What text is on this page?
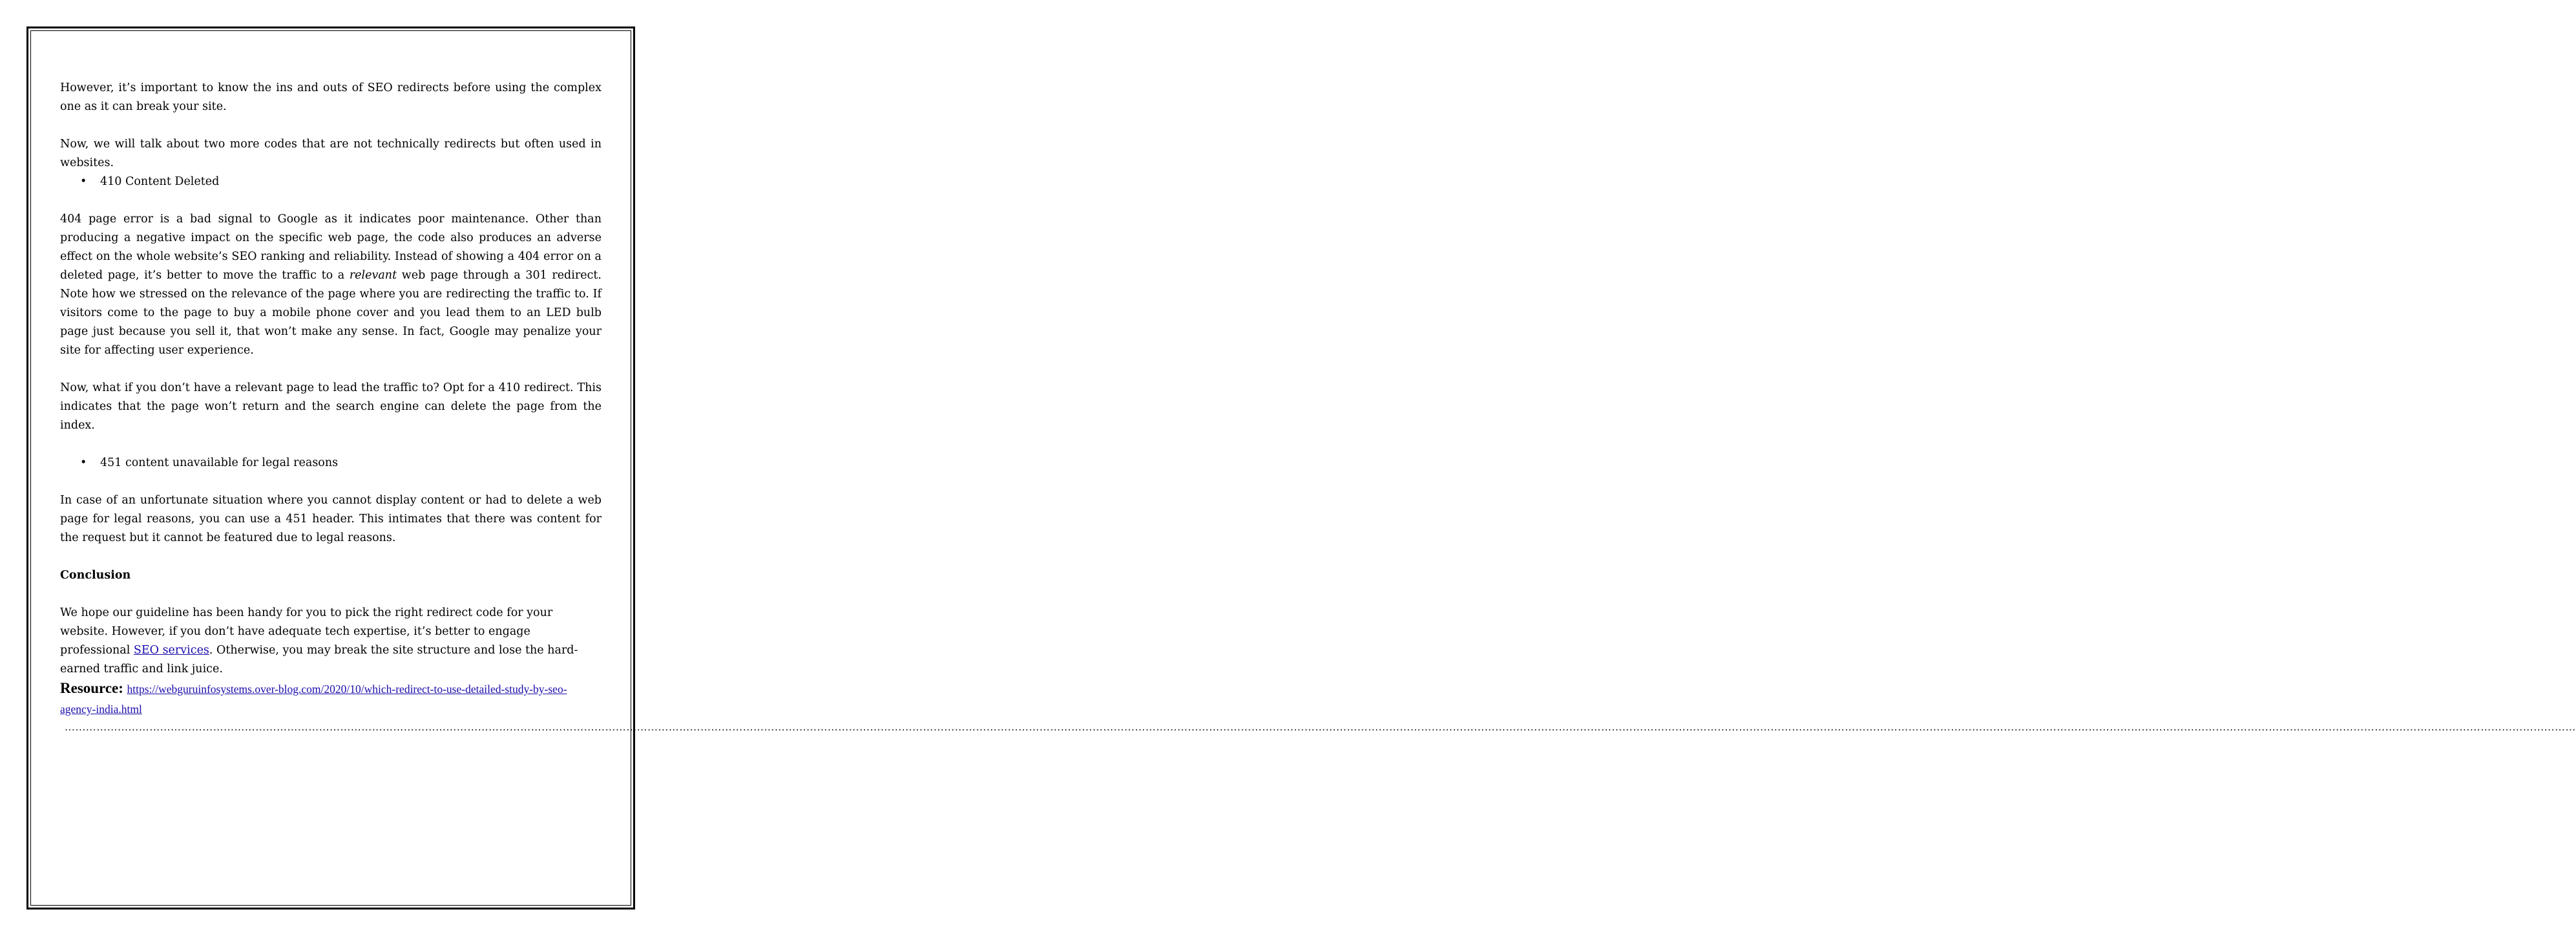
However, it’s important to know the ins and outs of SEO redirects before using the complex one as it can break your site.

Now, we will talk about two more codes that are not technically redirects but often used in websites.

• 410 Content Deleted

404 page error is a bad signal to Google as it indicates poor maintenance. Other than producing a negative impact on the specific web page, the code also produces an adverse effect on the whole website’s SEO ranking and reliability. Instead of showing a 404 error on a deleted page, it’s better to move the traffic to a relevant web page through a 301 redirect. Note how we stressed on the relevance of the page where you are redirecting the traffic to. If visitors come to the page to buy a mobile phone cover and you lead them to an LED bulb page just because you sell it, that won’t make any sense. In fact, Google may penalize your site for affecting user experience.

Now, what if you don’t have a relevant page to lead the traffic to? Opt for a 410 redirect. This indicates that the page won’t return and the search engine can delete the page from the index.

• 451 content unavailable for legal reasons

In case of an unfortunate situation where you cannot display content or had to delete a web page for legal reasons, you can use a 451 header. This intimates that there was content for the request but it cannot be featured due to legal reasons.

Conclusion

We hope our guideline has been handy for you to pick the right redirect code for your website. However, if you don’t have adequate tech expertise, it’s better to engage professional SEO services. Otherwise, you may break the site structure and lose the hard-earned traffic and link juice.

Resource: https://webguruinfosystems.over-blog.com/2020/10/which-redirect-to-use-detailed-study-by-seo-agency-india.html

………………………………………………………………………………………………………………………………………………………………………………………………………………………………………………………………………………………………………………………………………………………………………………………………………………………………………………………………………………………………………………………………………………………………………………………………………………………………………………………
